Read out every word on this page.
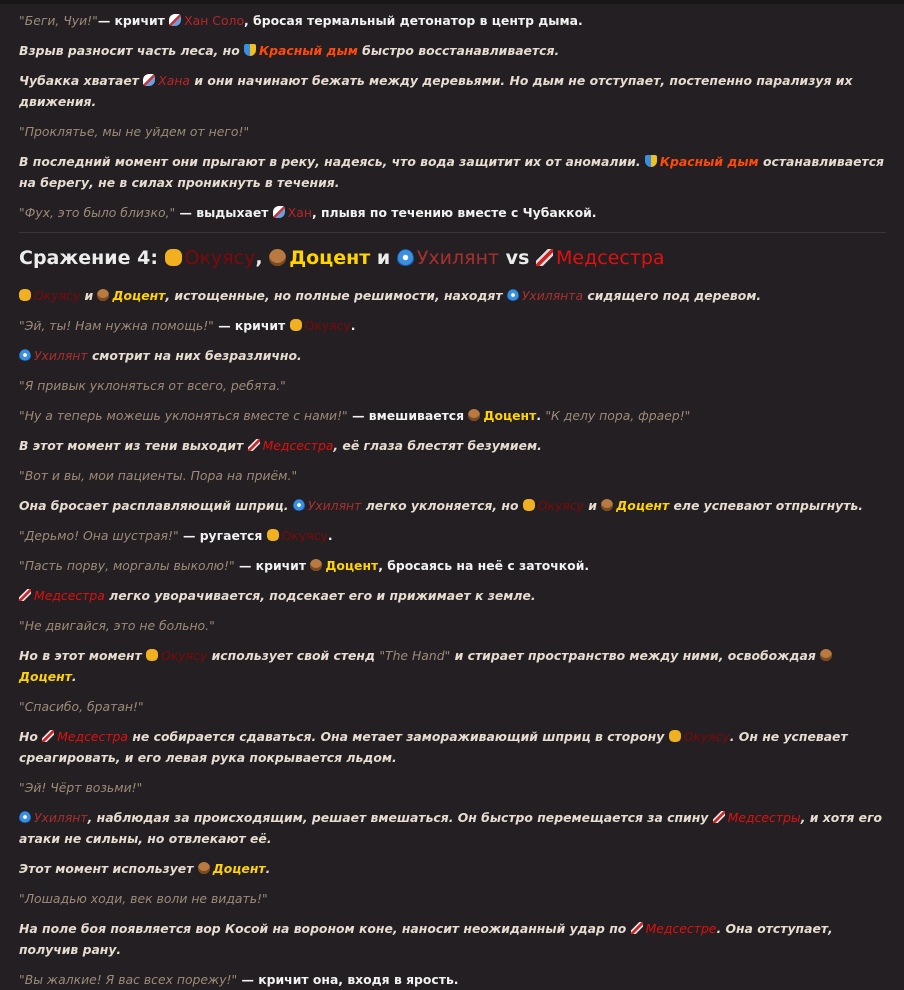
"Беги, Чуи!"— кричит Хан Соло, бросая термальный детонатор в центр дыма.

Взрыв разносит часть леса, но Красный дым быстро восстанавливается.

Чубакка хватает Хана и они начинают бежать между деревьями. Но дым не отступает, постепенно парализуя их движения.

"Проклятье, мы не уйдем от него!"

В последний момент они прыгают в реку, надеясь, что вода защитит их от аномалии. Красный дым останавливается на берегу, не в силах проникнуть в течения.

"Фух, это было близко," — выдыхает Хан, плывя по течению вместе с Чубаккой.

Сражение 4: Окуясу, Доцент и Ухилянт vs Медсестра

Окуясу и Доцент, истощенные, но полные решимости, находят Ухилянта сидящего под деревом.

"Эй, ты! Нам нужна помощь!" — кричит Окуясу.

Ухилянт смотрит на них безразлично.

"Я привык уклоняться от всего, ребята."

"Ну а теперь можешь уклоняться вместе с нами!" — вмешивается Доцент. "К делу пора, фраер!"

В этот момент из тени выходит Медсестра, её глаза блестят безумием.

"Вот и вы, мои пациенты. Пора на приём."

Она бросает расплавляющий шприц. Ухилянт легко уклоняется, но Окуясу и Доцент еле успевают отпрыгнуть.

"Дерьмо! Она шустрая!" — ругается Окуясу.

"Пасть порву, моргалы выколю!" — кричит Доцент, бросаясь на неё с заточкой.

Медсестра легко уворачивается, подсекает его и прижимает к земле.

"Не двигайся, это не больно."

Но в этот момент Окуясу использует свой стенд "The Hand" и стирает пространство между ними, освобождая Доцент.

"Спасибо, братан!"

Но Медсестра не собирается сдаваться. Она метает замораживающий шприц в сторону Окуясу. Он не успевает среагировать, и его левая рука покрывается льдом.

"Эй! Чёрт возьми!"

Ухилянт, наблюдая за происходящим, решает вмешаться. Он быстро перемещается за спину Медсестры, и хотя его атаки не сильны, но отвлекают её.

Этот момент использует Доцент.

"Лошадью ходи, век воли не видать!"

На поле боя появляется вор Косой на вороном коне, наносит неожиданный удар по Медсестре. Она отступает, получив рану.

"Вы жалкие! Я вас всех порежу!" — кричит она, входя в ярость.
